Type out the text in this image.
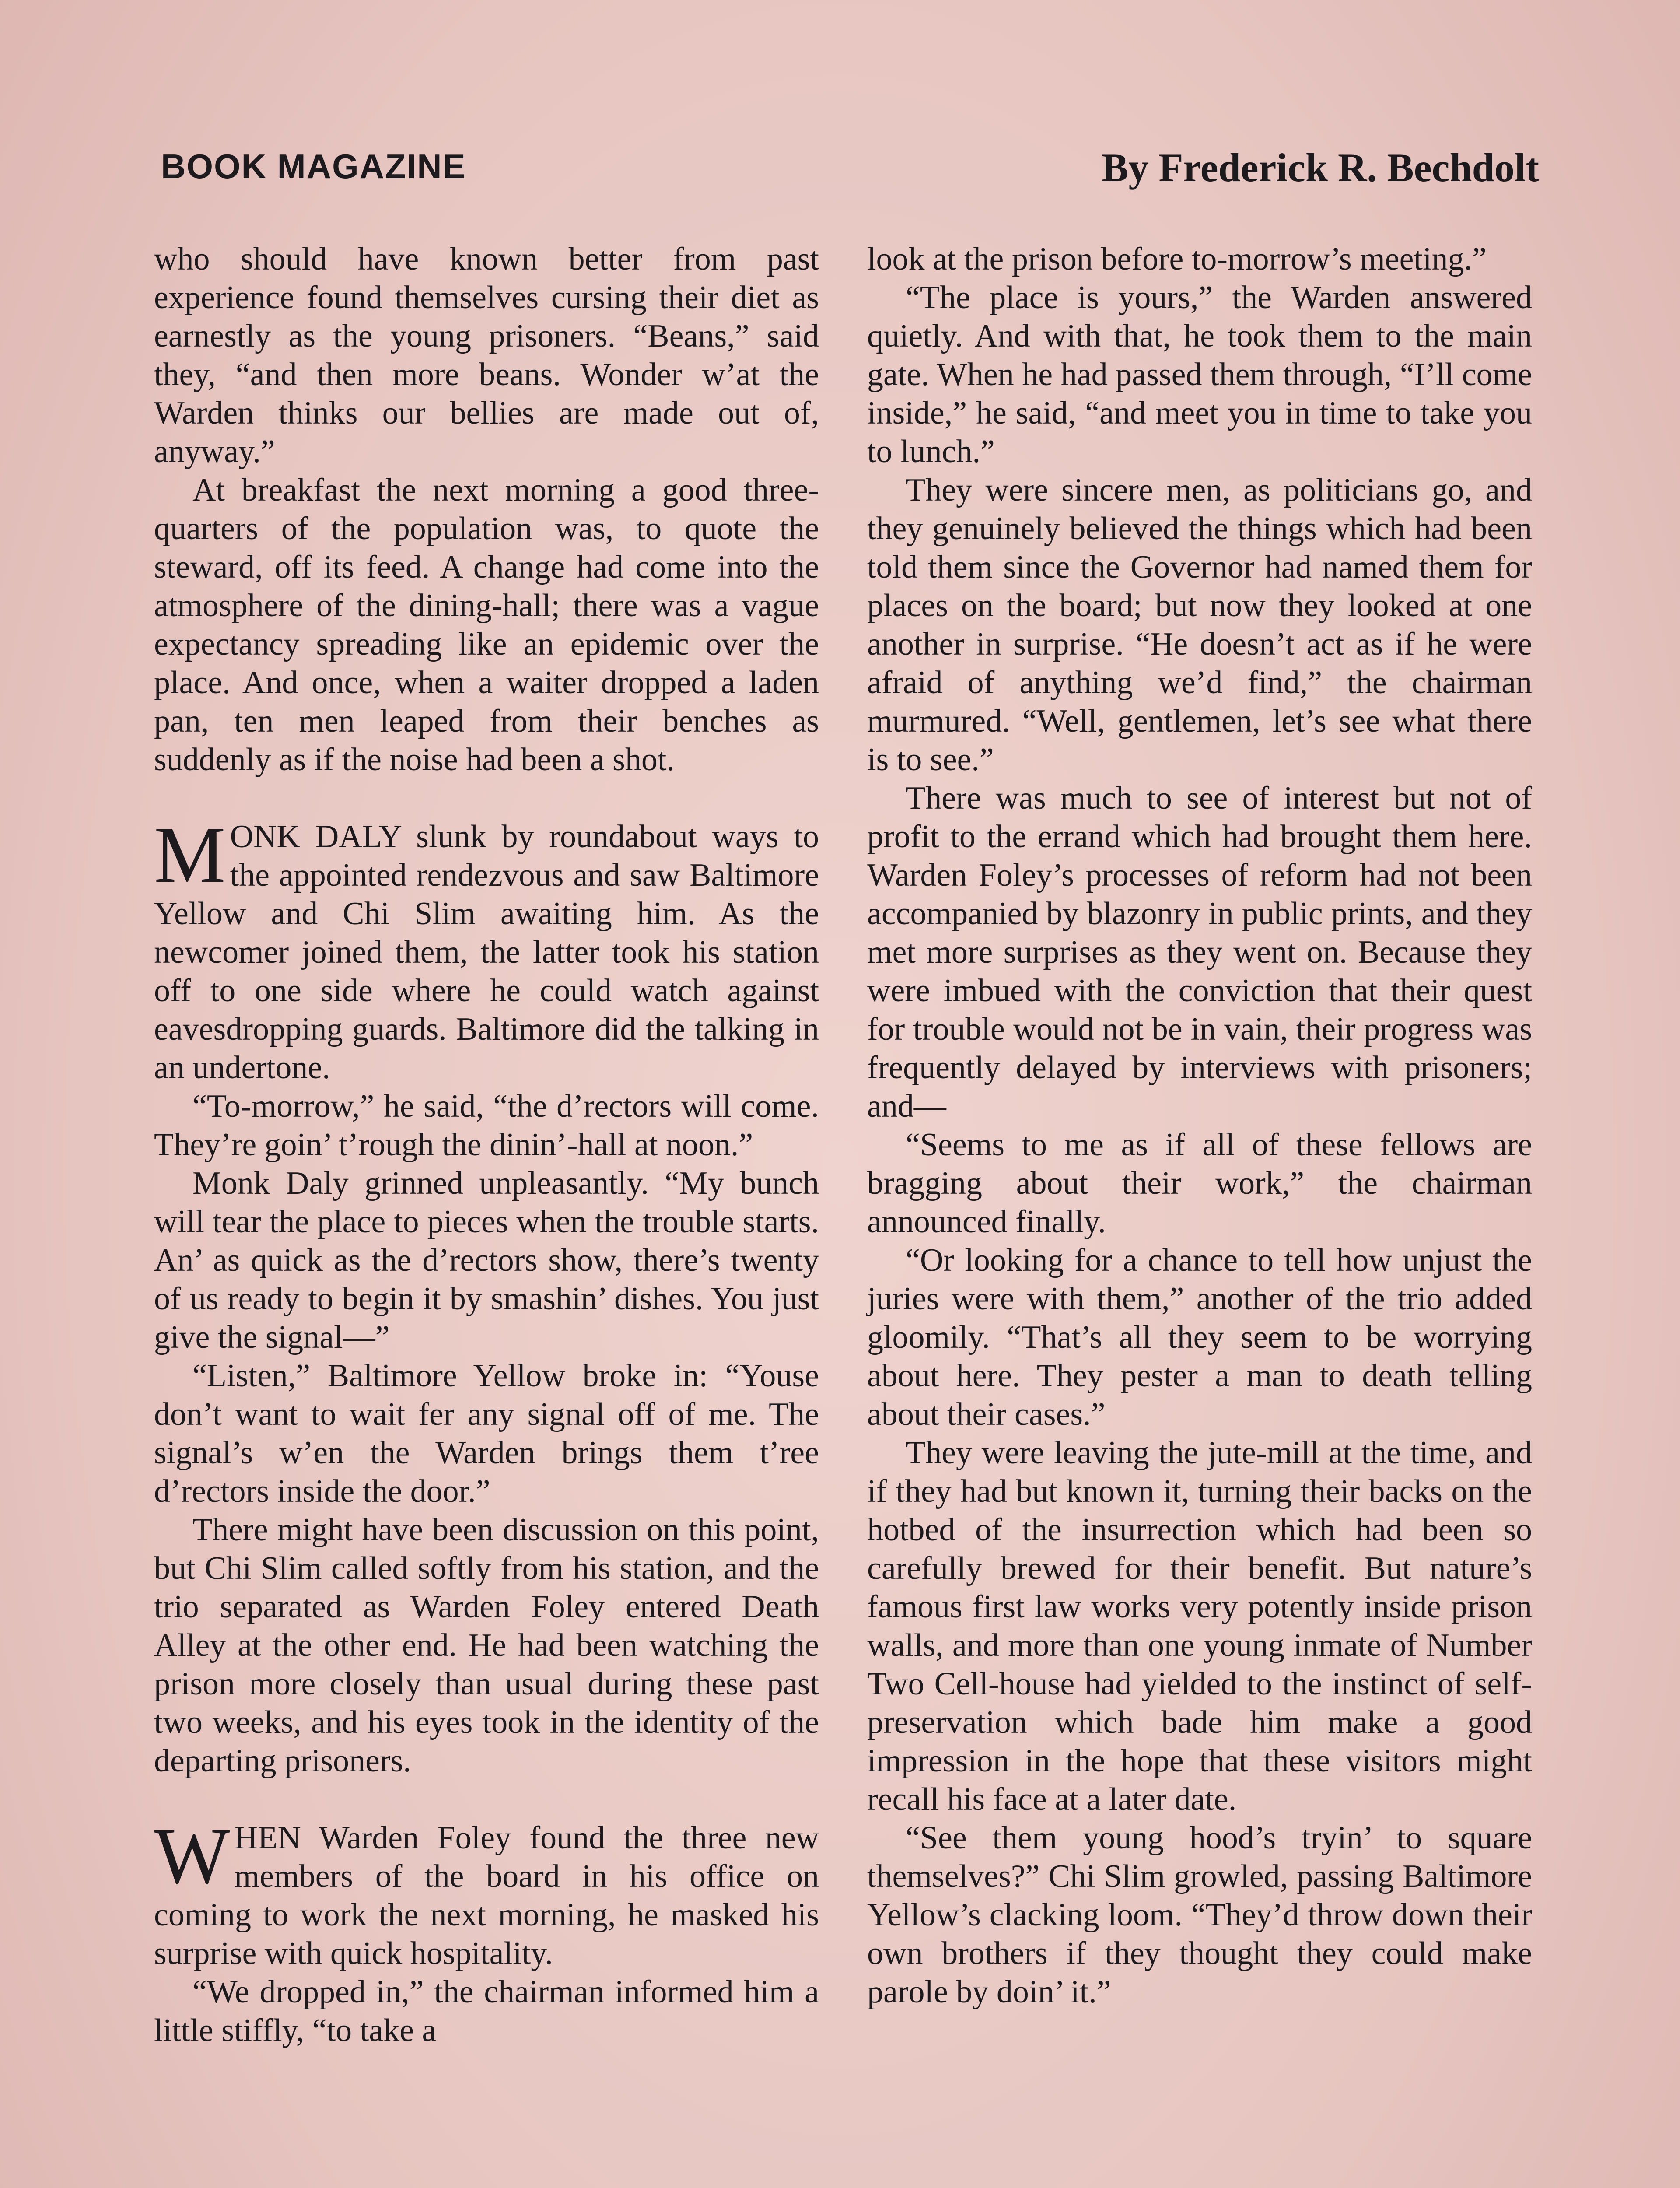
BOOK MAGAZINE	By Frederick R. Bechdolt

who should have known better from past experience found themselves cursing their diet as earnestly as the young prisoners. “Beans,” said they, “and then more beans. Wonder w’at the Warden thinks our bellies are made out of, anyway.”

At breakfast the next morning a good three-quarters of the population was, to quote the steward, off its feed. A change had come into the atmosphere of the dining-hall; there was a vague expectancy spreading like an epidemic over the place. And once, when a waiter dropped a laden pan, ten men leaped from their benches as suddenly as if the noise had been a shot.

MONK DALY slunk by roundabout ways to the appointed rendezvous and saw Baltimore Yellow and Chi Slim awaiting him. As the newcomer joined them, the latter took his station off to one side where he could watch against eavesdropping guards. Baltimore did the talking in an undertone.

“To-morrow,” he said, “the d’rectors will come. They’re goin’ t’rough the dinin’-hall at noon.”

Monk Daly grinned unpleasantly. “My bunch will tear the place to pieces when the trouble starts. An’ as quick as the d’rectors show, there’s twenty of us ready to begin it by smashin’ dishes. You just give the signal—”

“Listen,” Baltimore Yellow broke in: “Youse don’t want to wait fer any signal off of me. The signal’s w’en the Warden brings them t’ree d’rectors inside the door.”

There might have been discussion on this point, but Chi Slim called softly from his station, and the trio separated as Warden Foley entered Death Alley at the other end. He had been watching the prison more closely than usual during these past two weeks, and his eyes took in the identity of the departing prisoners.

WHEN Warden Foley found the three new members of the board in his office on coming to work the next morning, he masked his surprise with quick hospitality.

“We dropped in,” the chairman informed him a little stiffly, “to take a

look at the prison before to-morrow’s meeting.”

“The place is yours,” the Warden answered quietly. And with that, he took them to the main gate. When he had passed them through, “I’ll come inside,” he said, “and meet you in time to take you to lunch.”

They were sincere men, as politicians go, and they genuinely believed the things which had been told them since the Governor had named them for places on the board; but now they looked at one another in surprise. “He doesn’t act as if he were afraid of anything we’d find,” the chairman murmured. “Well, gentlemen, let’s see what there is to see.”

There was much to see of interest but not of profit to the errand which had brought them here. Warden Foley’s processes of reform had not been accompanied by blazonry in public prints, and they met more surprises as they went on. Because they were imbued with the conviction that their quest for trouble would not be in vain, their progress was frequently delayed by interviews with prisoners; and—

“Seems to me as if all of these fellows are bragging about their work,” the chairman announced finally.

“Or looking for a chance to tell how unjust the juries were with them,” another of the trio added gloomily. “That’s all they seem to be worrying about here. They pester a man to death telling about their cases.”

They were leaving the jute-mill at the time, and if they had but known it, turning their backs on the hotbed of the insurrection which had been so carefully brewed for their benefit. But nature’s famous first law works very potently inside prison walls, and more than one young inmate of Number Two Cell-house had yielded to the instinct of self-preservation which bade him make a good impression in the hope that these visitors might recall his face at a later date.

“See them young hood’s tryin’ to square themselves?” Chi Slim growled, passing Baltimore Yellow’s clacking loom. “They’d throw down their own brothers if they thought they could make parole by doin’ it.”
